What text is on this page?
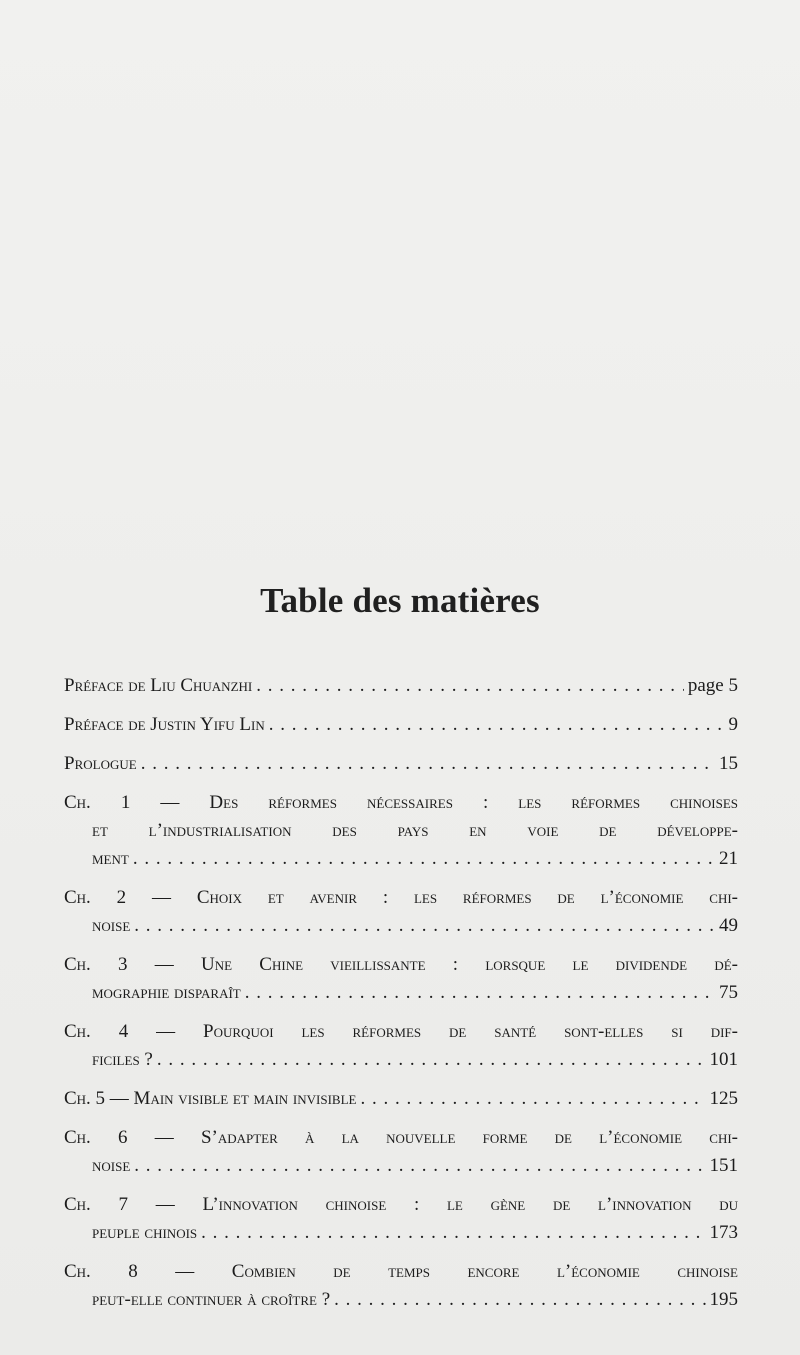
Table des matières
Préface de Liu Chuanzhi . . .	page 5
Préface de Justin Yifu Lin . . .	9
Prologue . . .	15
Ch. 1 — Des réformes nécessaires : les réformes chinoises
et l’industrialisation des pays en voie de développe-
ment . . .	21
Ch. 2 — Choix et avenir : les réformes de l’économie chi-
noise . . .	49
Ch. 3 — Une Chine vieillissante : lorsque le dividende dé-
mographie disparaît . . .	75
Ch. 4 — Pourquoi les réformes de santé sont-elles si dif-
ficiles ? . . .	101
Ch. 5 — Main visible et main invisible . . .	125
Ch. 6 — S’adapter à la nouvelle forme de l’économie chi-
noise . . .	151
Ch. 7 — L’innovation chinoise : le gène de l’innovation du
peuple chinois . . .	173
Ch. 8 — Combien de temps encore l’économie chinoise
peut-elle continuer à croître ? . . .	195
